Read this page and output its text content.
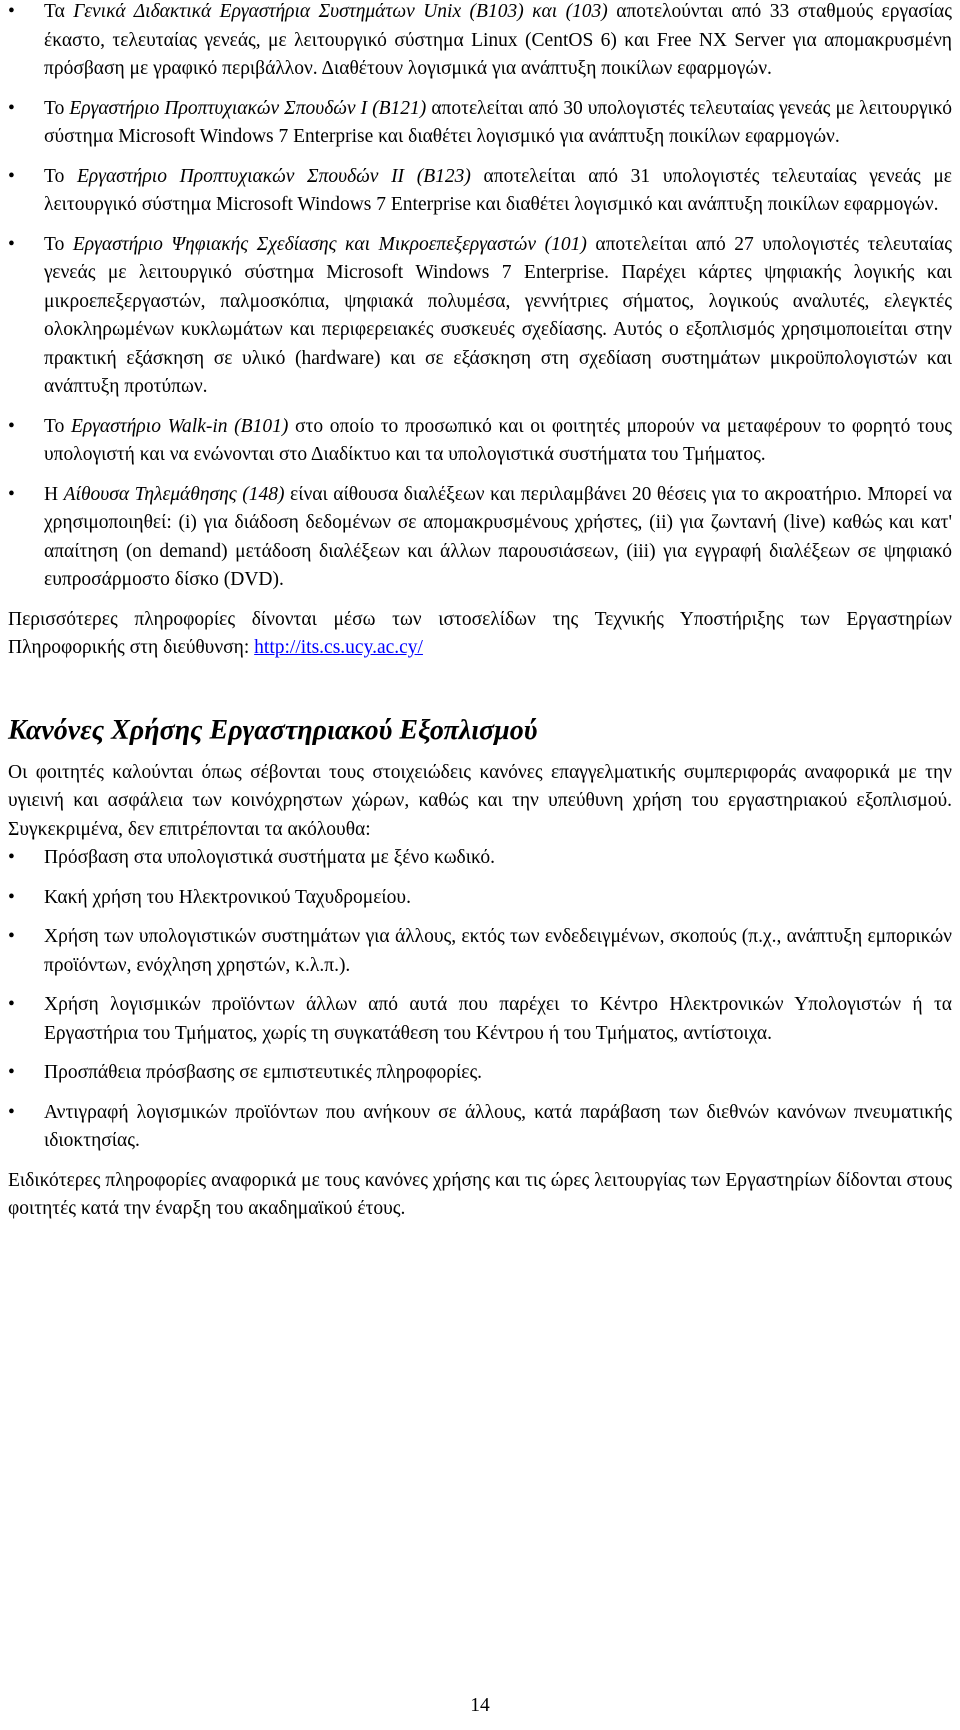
• Τα Γενικά Διδακτικά Εργαστήρια Συστημάτων Unix (B103) και (103) αποτελούνται από 33 σταθμούς εργασίας έκαστο, τελευταίας γενεάς, με λειτουργικό σύστημα Linux (CentOS 6) και Free NX Server για απομακρυσμένη πρόσβαση με γραφικό περιβάλλον. Διαθέτουν λογισμικά για ανάπτυξη ποικίλων εφαρμογών.
• Το Εργαστήριο Προπτυχιακών Σπουδών Ι (B121) αποτελείται από 30 υπολογιστές τελευταίας γενεάς με λειτουργικό σύστημα Microsoft Windows 7 Enterprise και διαθέτει λογισμικό για ανάπτυξη ποικίλων εφαρμογών.
• Το Εργαστήριο Προπτυχιακών Σπουδών ΙΙ (B123) αποτελείται από 31 υπολογιστές τελευταίας γενεάς με λειτουργικό σύστημα Microsoft Windows 7 Enterprise και διαθέτει λογισμικό και ανάπτυξη ποικίλων εφαρμογών.
• Το Εργαστήριο Ψηφιακής Σχεδίασης και Μικροεπεξεργαστών (101) αποτελείται από 27 υπολογιστές τελευταίας γενεάς με λειτουργικό σύστημα Microsoft Windows 7 Enterprise. Παρέχει κάρτες ψηφιακής λογικής και μικροεπεξεργαστών, παλμοσκόπια, ψηφιακά πολυμέσα, γεννήτριες σήματος, λογικούς αναλυτές, ελεγκτές ολοκληρωμένων κυκλωμάτων και περιφερειακές συσκευές σχεδίασης. Αυτός ο εξοπλισμός χρησιμοποιείται στην πρακτική εξάσκηση σε υλικό (hardware) και σε εξάσκηση στη σχεδίαση συστημάτων μικροϋπολογιστών και ανάπτυξη προτύπων.
• Το Εργαστήριο Walk-in (B101) στο οποίο το προσωπικό και οι φοιτητές μπορούν να μεταφέρουν το φορητό τους υπολογιστή και να ενώνονται στο Διαδίκτυο και τα υπολογιστικά συστήματα του Τμήματος.
• Η Αίθουσα Τηλεμάθησης (148) είναι αίθουσα διαλέξεων και περιλαμβάνει 20 θέσεις για το ακροατήριο. Μπορεί να χρησιμοποιηθεί: (i) για διάδοση δεδομένων σε απομακρυσμένους χρήστες, (ii) για ζωντανή (live) καθώς και κατ' απαίτηση (on demand) μετάδοση διαλέξεων και άλλων παρουσιάσεων, (iii) για εγγραφή διαλέξεων σε ψηφιακό ευπροσάρμοστο δίσκο (DVD).

Περισσότερες πληροφορίες δίνονται μέσω των ιστοσελίδων της Τεχνικής Υποστήριξης των Εργαστηρίων Πληροφορικής στη διεύθυνση: http://its.cs.ucy.ac.cy/

Κανόνες Χρήσης Εργαστηριακού Εξοπλισμού

Οι φοιτητές καλούνται όπως σέβονται τους στοιχειώδεις κανόνες επαγγελματικής συμπεριφοράς αναφορικά με την υγιεινή και ασφάλεια των κοινόχρηστων χώρων, καθώς και την υπεύθυνη χρήση του εργαστηριακού εξοπλισμού. Συγκεκριμένα, δεν επιτρέπονται τα ακόλουθα:

• Πρόσβαση στα υπολογιστικά συστήματα με ξένο κωδικό.
• Κακή χρήση του Ηλεκτρονικού Ταχυδρομείου.
• Χρήση των υπολογιστικών συστημάτων για άλλους, εκτός των ενδεδειγμένων, σκοπούς (π.χ., ανάπτυξη εμπορικών προϊόντων, ενόχληση χρηστών, κ.λ.π.).
• Χρήση λογισμικών προϊόντων άλλων από αυτά που παρέχει το Κέντρο Ηλεκτρονικών Υπολογιστών ή τα Εργαστήρια του Τμήματος, χωρίς τη συγκατάθεση του Κέντρου ή του Τμήματος, αντίστοιχα.
• Προσπάθεια πρόσβασης σε εμπιστευτικές πληροφορίες.
• Αντιγραφή λογισμικών προϊόντων που ανήκουν σε άλλους, κατά παράβαση των διεθνών κανόνων πνευματικής ιδιοκτησίας.

Ειδικότερες πληροφορίες αναφορικά με τους κανόνες χρήσης και τις ώρες λειτουργίας των Εργαστηρίων δίδονται στους φοιτητές κατά την έναρξη του ακαδημαϊκού έτους.

14
